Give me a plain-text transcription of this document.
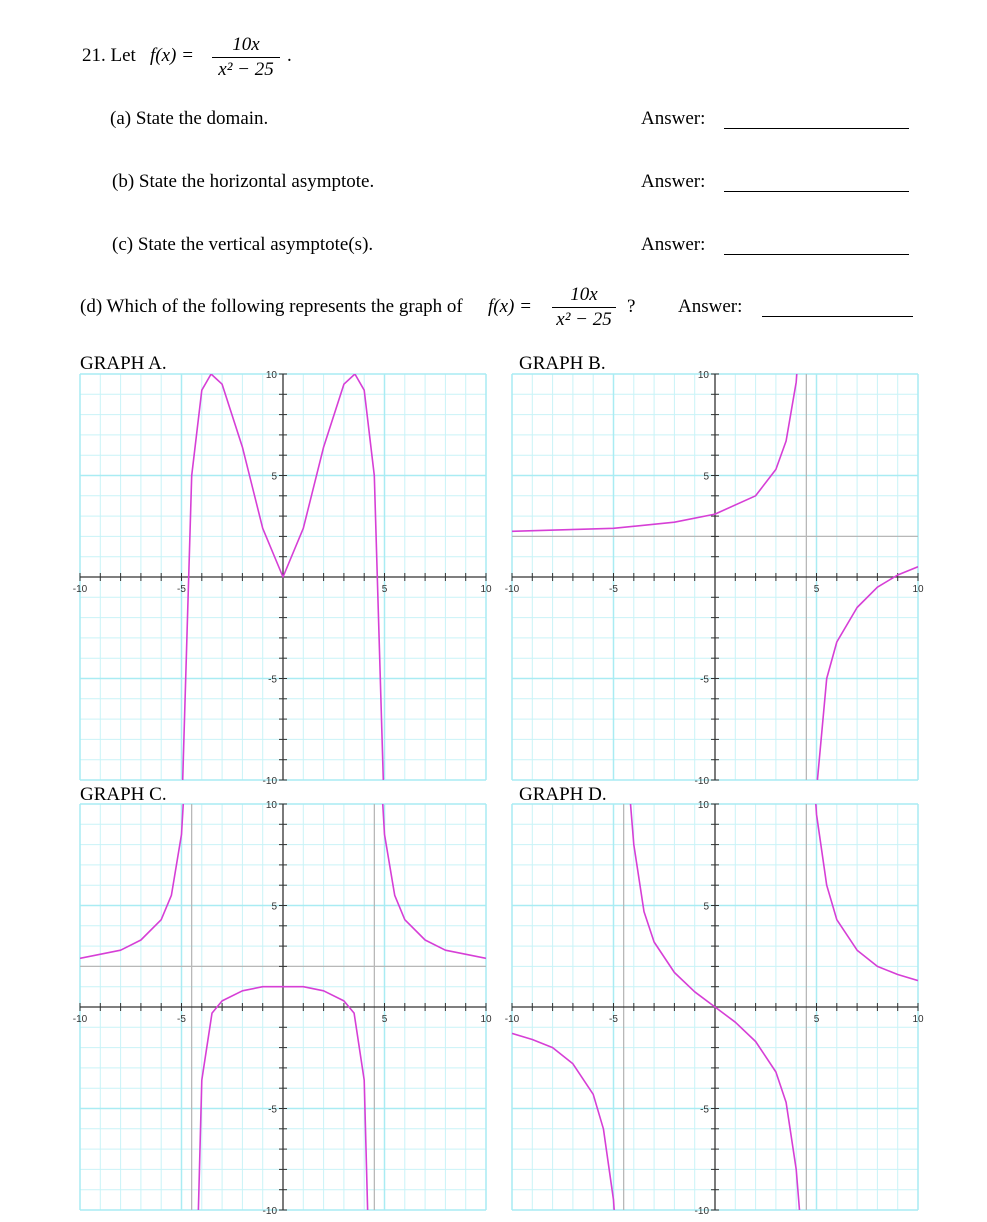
21. Let f(x) =
10x
x² − 25
.
(a) State the domain.	Answer:
(b) State the horizontal asymptote.	Answer:
(c) State the vertical asymptote(s).	Answer:
(d) Which of the following represents the graph of f(x) =
10x
x² − 25
? Answer:
GRAPH A.	GRAPH B.
GRAPH C.	GRAPH D.
-10	-5	5	10
10
5
-5
-10
-10	-5	5	10
10
5
-5
-10
-10	-5	5	10
10
5
-5
-10
-10	-5	5	10
10
5
-5
-10
